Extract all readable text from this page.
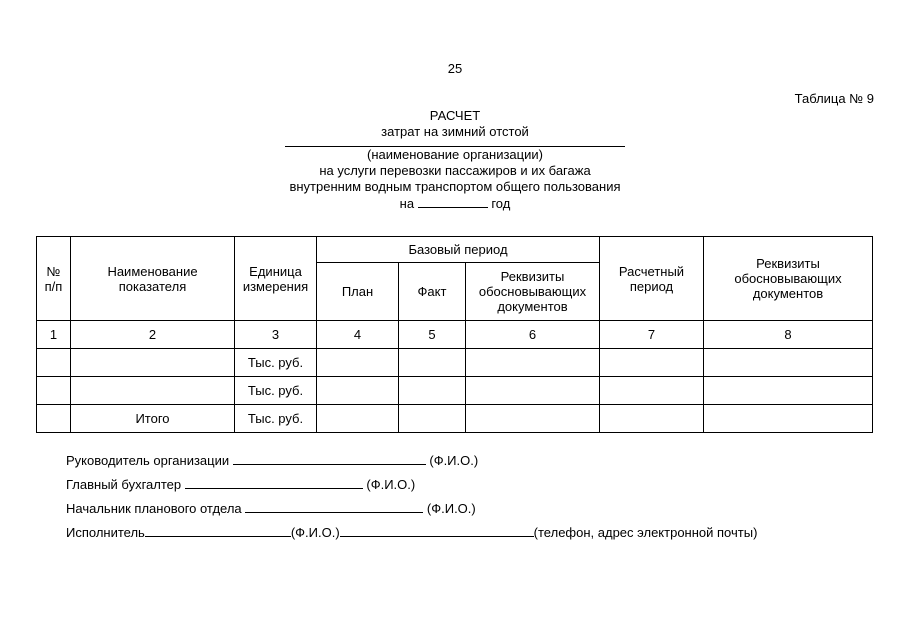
25
Таблица № 9
РАСЧЕТ
затрат на зимний отстой
(наименование организации)
на услуги перевозки пассажиров и их багажа
внутренним водным транспортом общего пользования
на	год
№ п/п	Наименование показателя	Единица измерения	Базовый период			Расчетный период	Реквизиты обосновывающих документов
			План	Факт	Реквизиты обосновывающих документов		
1	2	3	4	5	6	7	8
		Тыс. руб.					
		Тыс. руб.					
	Итого	Тыс. руб.					
Руководитель организации	(Ф.И.О.)
Главный бухгалтер	(Ф.И.О.)
Начальник планового отдела	(Ф.И.О.)
Исполнитель	(Ф.И.О.)	(телефон, адрес электронной почты)
